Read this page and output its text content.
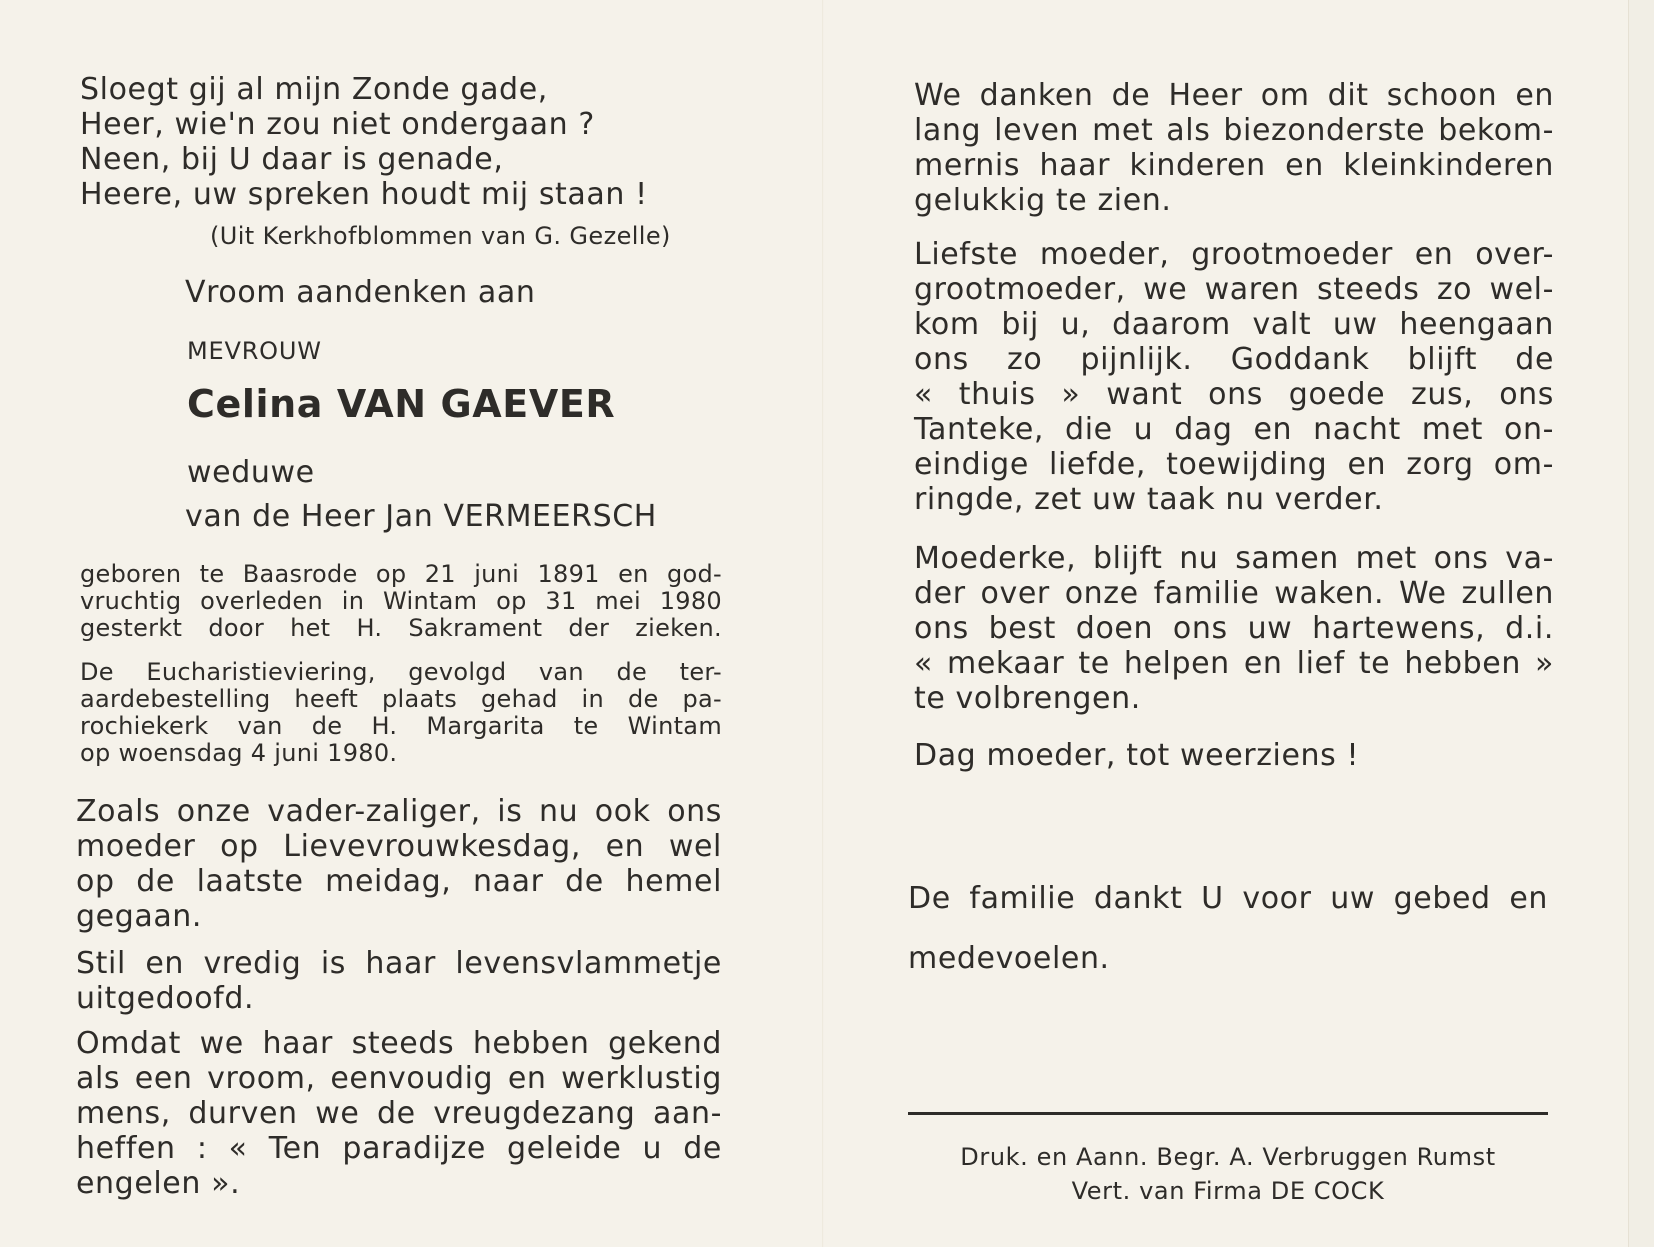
Sloegt gij al mijn Zonde gade,
Heer, wie'n zou niet ondergaan ?
Neen, bij U daar is genade,
Heere, uw spreken houdt mij staan !
(Uit Kerkhofblommen van G. Gezelle)
Vroom aandenken aan
MEVROUW
Celina VAN GAEVER
weduwe
van de Heer Jan VERMEERSCH
geboren te Baasrode op 21 juni 1891 en god-
vruchtig overleden in Wintam op 31 mei 1980
gesterkt door het H. Sakrament der zieken.
De Eucharistieviering, gevolgd van de ter-
aardebestelling heeft plaats gehad in de pa-
rochiekerk van de H. Margarita te Wintam
op woensdag 4 juni 1980.
Zoals onze vader-zaliger, is nu ook ons
moeder op Lievevrouwkesdag, en wel
op de laatste meidag, naar de hemel
gegaan.
Stil en vredig is haar levensvlammetje
uitgedoofd.
Omdat we haar steeds hebben gekend
als een vroom, eenvoudig en werklustig
mens, durven we de vreugdezang aan-
heffen : « Ten paradijze geleide u de
engelen ».
We danken de Heer om dit schoon en
lang leven met als biezonderste bekom-
mernis haar kinderen en kleinkinderen
gelukkig te zien.
Liefste moeder, grootmoeder en over-
grootmoeder, we waren steeds zo wel-
kom bij u, daarom valt uw heengaan
ons zo pijnlijk. Goddank blijft de
« thuis » want ons goede zus, ons
Tanteke, die u dag en nacht met on-
eindige liefde, toewijding en zorg om-
ringde, zet uw taak nu verder.
Moederke, blijft nu samen met ons va-
der over onze familie waken. We zullen
ons best doen ons uw hartewens, d.i.
« mekaar te helpen en lief te hebben »
te volbrengen.
Dag moeder, tot weerziens !
De familie dankt U voor uw gebed en
medevoelen.
Druk. en Aann. Begr. A. Verbruggen Rumst
Vert. van Firma DE COCK
